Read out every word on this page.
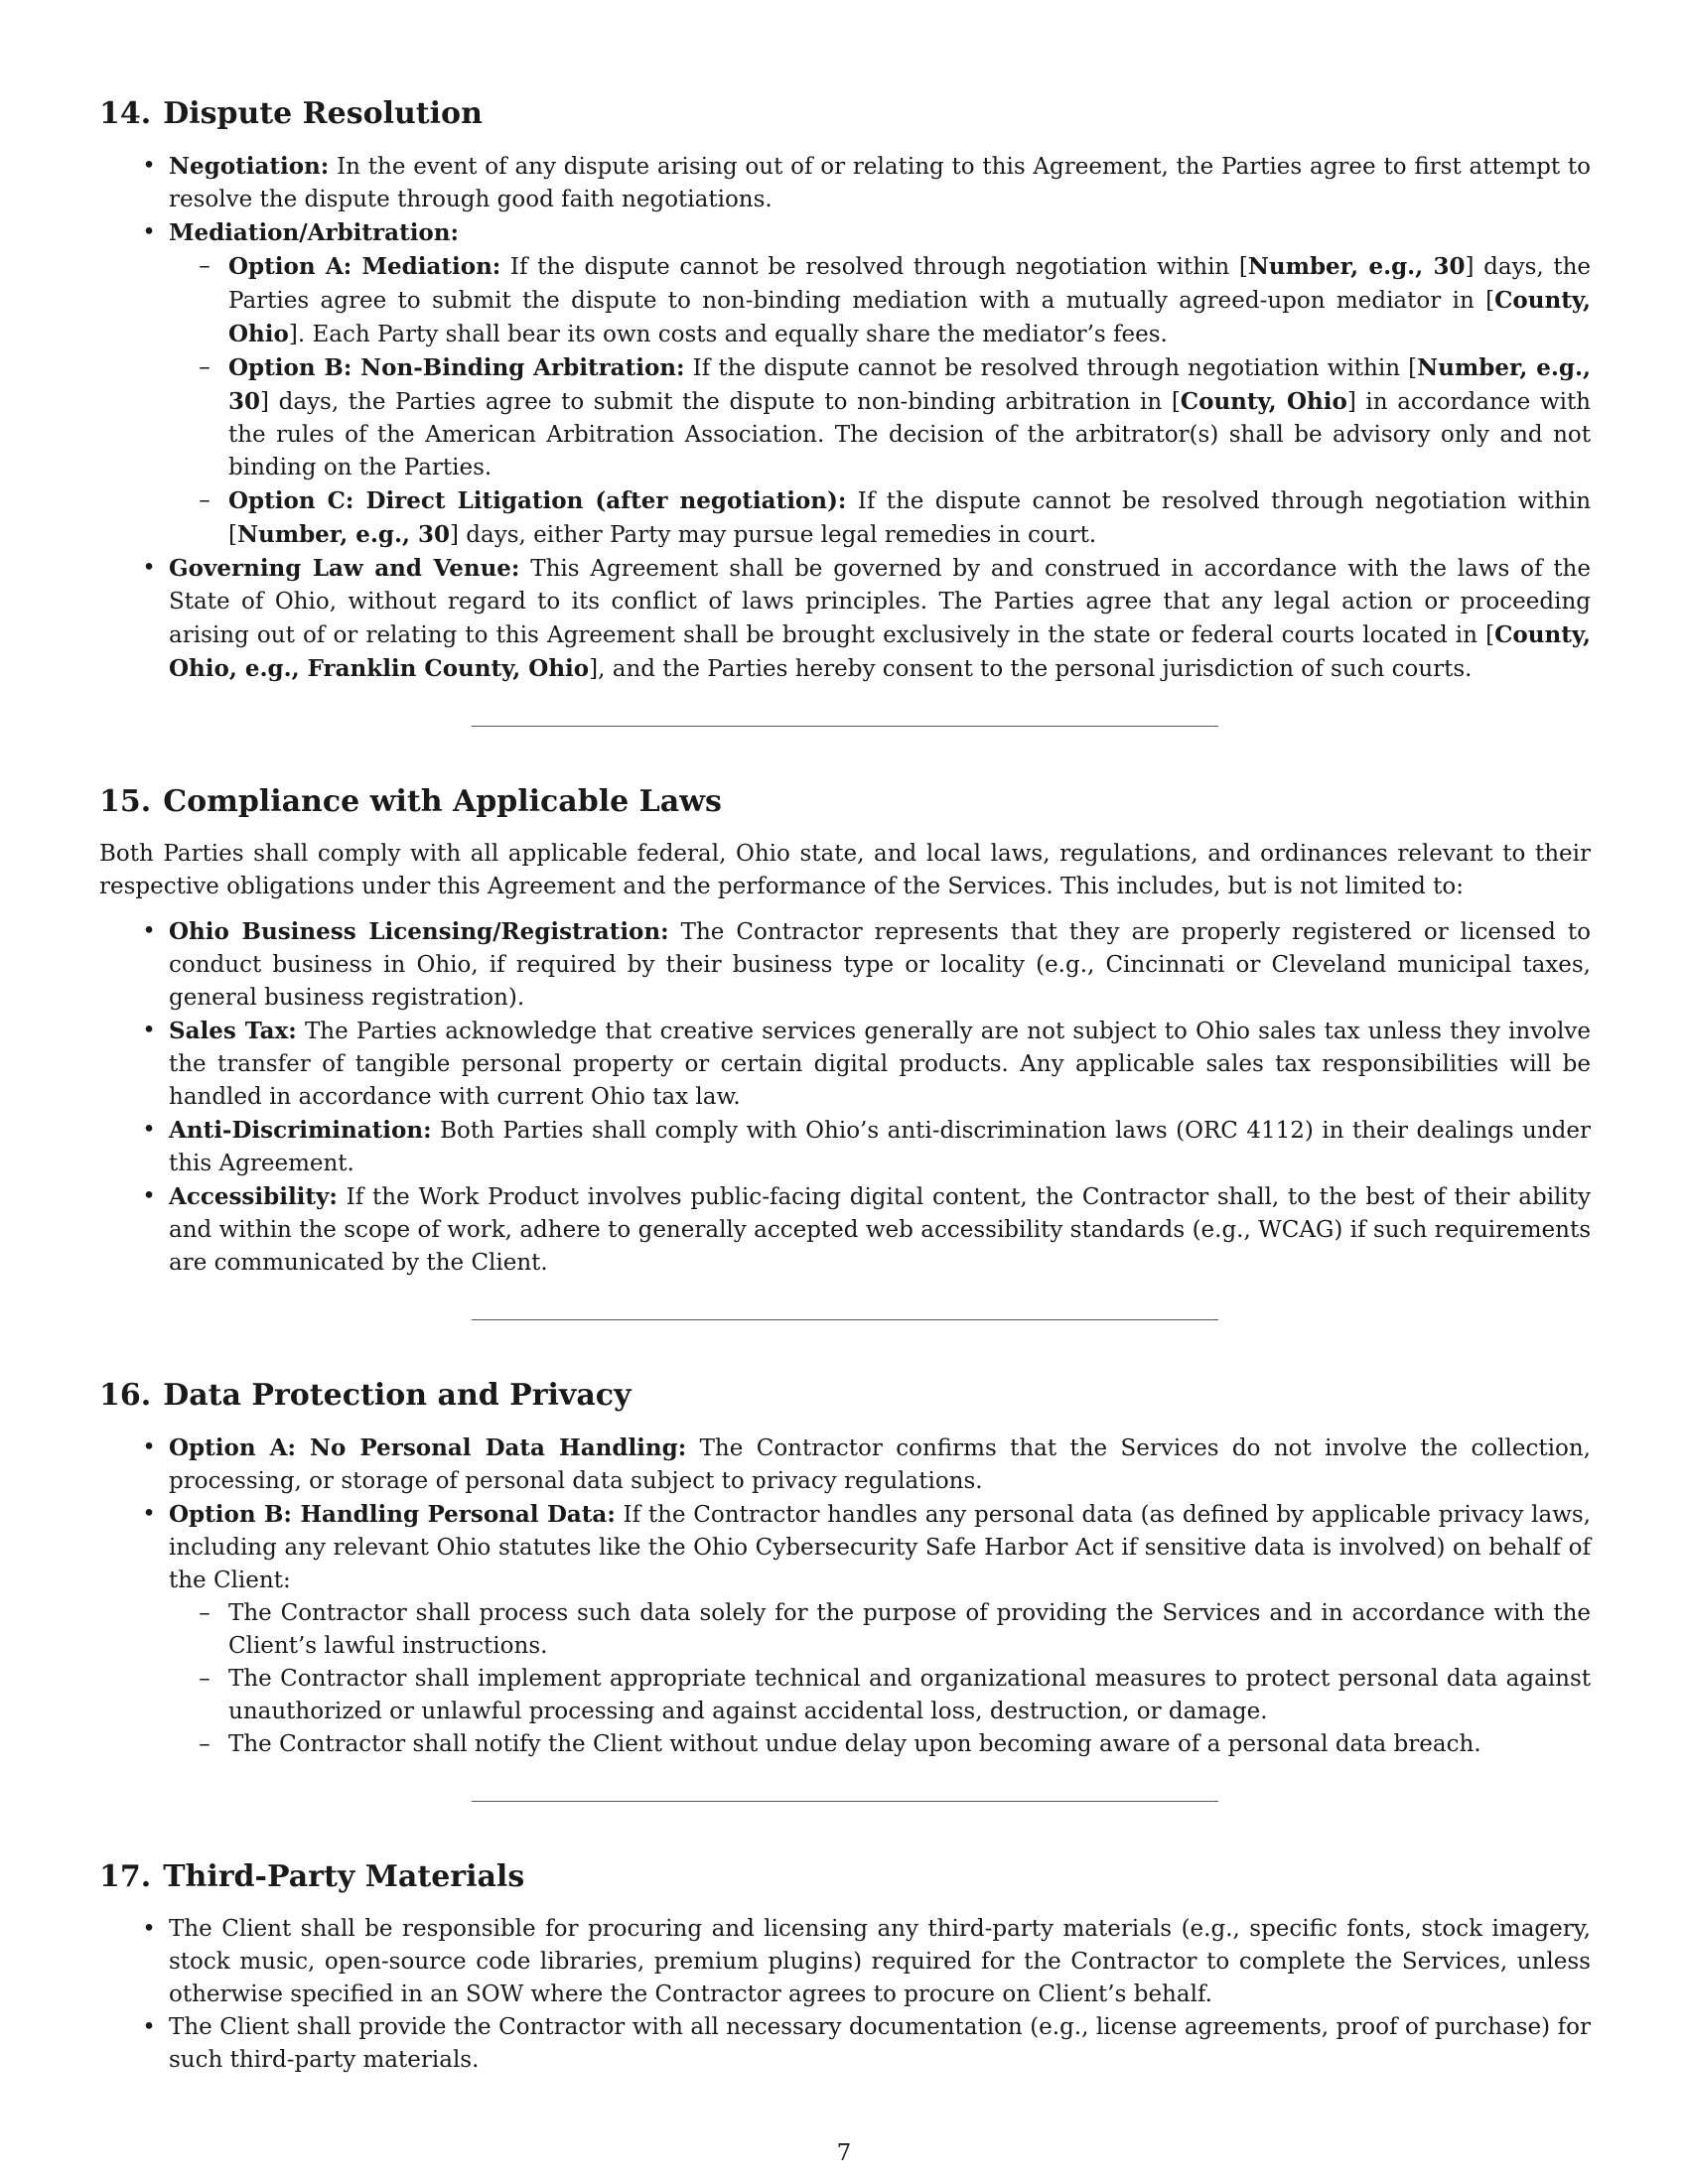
14. Dispute Resolution
• Negotiation: In the event of any dispute arising out of or relating to this Agreement, the Parties agree to first attempt to resolve the dispute through good faith negotiations.
• Mediation/Arbitration:
– Option A: Mediation: If the dispute cannot be resolved through negotiation within [Number, e.g., 30] days, the Parties agree to submit the dispute to non-binding mediation with a mutually agreed-upon mediator in [County, Ohio]. Each Party shall bear its own costs and equally share the mediator’s fees.
– Option B: Non-Binding Arbitration: If the dispute cannot be resolved through negotiation within [Number, e.g., 30] days, the Parties agree to submit the dispute to non-binding arbitration in [County, Ohio] in accordance with the rules of the American Arbitration Association. The decision of the arbitrator(s) shall be advisory only and not binding on the Parties.
– Option C: Direct Litigation (after negotiation): If the dispute cannot be resolved through negotiation within [Number, e.g., 30] days, either Party may pursue legal remedies in court.
• Governing Law and Venue: This Agreement shall be governed by and construed in accordance with the laws of the State of Ohio, without regard to its conflict of laws principles. The Parties agree that any legal action or proceeding arising out of or relating to this Agreement shall be brought exclusively in the state or federal courts located in [County, Ohio, e.g., Franklin County, Ohio], and the Parties hereby consent to the personal jurisdiction of such courts.
15. Compliance with Applicable Laws

Both Parties shall comply with all applicable federal, Ohio state, and local laws, regulations, and ordinances relevant to their respective obligations under this Agreement and the performance of the Services. This includes, but is not limited to:

• Ohio Business Licensing/Registration: The Contractor represents that they are properly registered or licensed to conduct business in Ohio, if required by their business type or locality (e.g., Cincinnati or Cleveland municipal taxes, general business registration).
• Sales Tax: The Parties acknowledge that creative services generally are not subject to Ohio sales tax unless they involve the transfer of tangible personal property or certain digital products. Any applicable sales tax responsibilities will be handled in accordance with current Ohio tax law.
• Anti-Discrimination: Both Parties shall comply with Ohio’s anti-discrimination laws (ORC 4112) in their dealings under this Agreement.
• Accessibility: If the Work Product involves public-facing digital content, the Contractor shall, to the best of their ability and within the scope of work, adhere to generally accepted web accessibility standards (e.g., WCAG) if such requirements are communicated by the Client.
16. Data Protection and Privacy
• Option A: No Personal Data Handling: The Contractor confirms that the Services do not involve the collection, processing, or storage of personal data subject to privacy regulations.
• Option B: Handling Personal Data: If the Contractor handles any personal data (as defined by applicable privacy laws, including any relevant Ohio statutes like the Ohio Cybersecurity Safe Harbor Act if sensitive data is involved) on behalf of the Client:
– The Contractor shall process such data solely for the purpose of providing the Services and in accordance with the Client’s lawful instructions.
– The Contractor shall implement appropriate technical and organizational measures to protect personal data against unauthorized or unlawful processing and against accidental loss, destruction, or damage.
– The Contractor shall notify the Client without undue delay upon becoming aware of a personal data breach.
17. Third-Party Materials
• The Client shall be responsible for procuring and licensing any third-party materials (e.g., specific fonts, stock imagery, stock music, open-source code libraries, premium plugins) required for the Contractor to complete the Services, unless otherwise specified in an SOW where the Contractor agrees to procure on Client’s behalf.
• The Client shall provide the Contractor with all necessary documentation (e.g., license agreements, proof of purchase) for such third-party materials.
7
